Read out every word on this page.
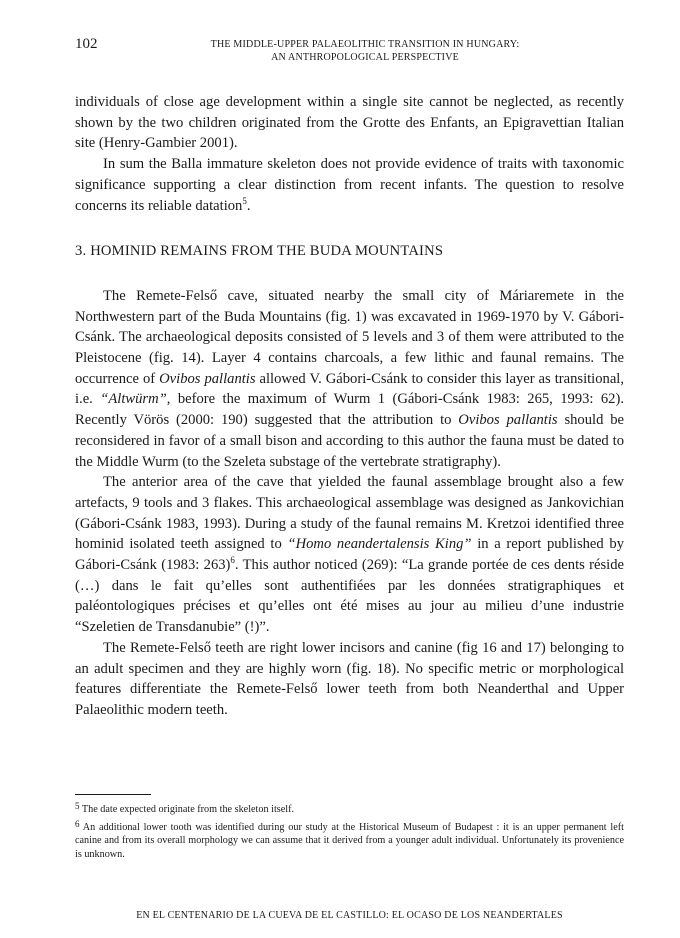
102	THE MIDDLE-UPPER PALAEOLITHIC TRANSITION IN HUNGARY:
AN ANTHROPOLOGICAL PERSPECTIVE

individuals of close age development within a single site cannot be neglected, as recently shown by the two children originated from the Grotte des Enfants, an Epigravettian Italian site (Henry-Gambier 2001).

In sum the Balla immature skeleton does not provide evidence of traits with taxonomic significance supporting a clear distinction from recent infants. The question to resolve concerns its reliable datation$^5$.

3. HOMINID REMAINS FROM THE BUDA MOUNTAINS

The Remete-Felső cave, situated nearby the small city of Máriaremete in the Northwestern part of the Buda Mountains (fig. 1) was excavated in 1969-1970 by V. Gábori-Csánk. The archaeological deposits consisted of 5 levels and 3 of them were attributed to the Pleistocene (fig. 14). Layer 4 contains charcoals, a few lithic and faunal remains. The occurrence of Ovibos pallantis allowed V. Gábori-Csánk to consider this layer as transitional, i.e. “Altwürm”, before the maximum of Wurm 1 (Gábori-Csánk 1983: 265, 1993: 62). Recently Vörös (2000: 190) suggested that the attribution to Ovibos pallantis should be reconsidered in favor of a small bison and according to this author the fauna must be dated to the Middle Wurm (to the Szeleta substage of the vertebrate stratigraphy).

The anterior area of the cave that yielded the faunal assemblage brought also a few artefacts, 9 tools and 3 flakes. This archaeological assemblage was designed as Jankovichian (Gábori-Csánk 1983, 1993). During a study of the faunal remains M. Kretzoi identified three hominid isolated teeth assigned to “Homo neandertalensis King” in a report published by Gábori-Csánk (1983: 263)$^6$. This author noticed (269): “La grande portée de ces dents réside (…) dans le fait qu’elles sont authentifiées par les données stratigraphiques et paléontologiques précises et qu’elles ont été mises au jour au milieu d’une industrie “Szeletien de Transdanubie” (!)”.

The Remete-Felső teeth are right lower incisors and canine (fig 16 and 17) belonging to an adult specimen and they are highly worn (fig. 18). No specific metric or morphological features differentiate the Remete-Felső lower teeth from both Neanderthal and Upper Palaeolithic modern teeth.

$^5$ The date expected originate from the skeleton itself.

$^6$ An additional lower tooth was identified during our study at the Historical Museum of Budapest : it is an upper permanent left canine and from its overall morphology we can assume that it derived from a younger adult individual. Unfortunately its provenience is unknown.

EN EL CENTENARIO DE LA CUEVA DE EL CASTILLO: EL OCASO DE LOS NEANDERTALES
